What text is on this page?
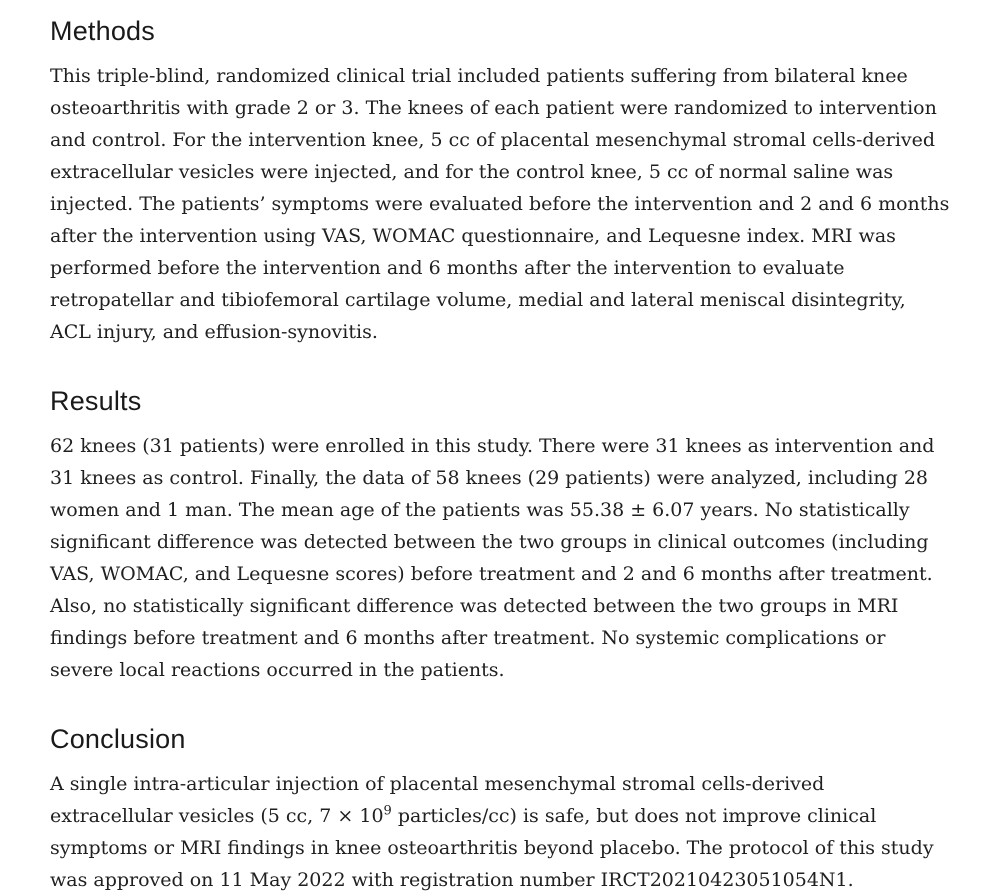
Methods

This triple-blind, randomized clinical trial included patients suffering from bilateral knee osteoarthritis with grade 2 or 3. The knees of each patient were randomized to intervention and control. For the intervention knee, 5 cc of placental mesenchymal stromal cells-derived extracellular vesicles were injected, and for the control knee, 5 cc of normal saline was injected. The patients’ symptoms were evaluated before the intervention and 2 and 6 months after the intervention using VAS, WOMAC questionnaire, and Lequesne index. MRI was performed before the intervention and 6 months after the intervention to evaluate retropatellar and tibiofemoral cartilage volume, medial and lateral meniscal disintegrity, ACL injury, and effusion-synovitis.

Results

62 knees (31 patients) were enrolled in this study. There were 31 knees as intervention and 31 knees as control. Finally, the data of 58 knees (29 patients) were analyzed, including 28 women and 1 man. The mean age of the patients was 55.38 ± 6.07 years. No statistically significant difference was detected between the two groups in clinical outcomes (including VAS, WOMAC, and Lequesne scores) before treatment and 2 and 6 months after treatment. Also, no statistically significant difference was detected between the two groups in MRI findings before treatment and 6 months after treatment. No systemic complications or severe local reactions occurred in the patients.

Conclusion

A single intra-articular injection of placental mesenchymal stromal cells-derived extracellular vesicles (5 cc, $7 \times 10^9$ particles/cc) is safe, but does not improve clinical symptoms or MRI findings in knee osteoarthritis beyond placebo. The protocol of this study was approved on 11 May 2022 with registration number IRCT20210423051054N1.
